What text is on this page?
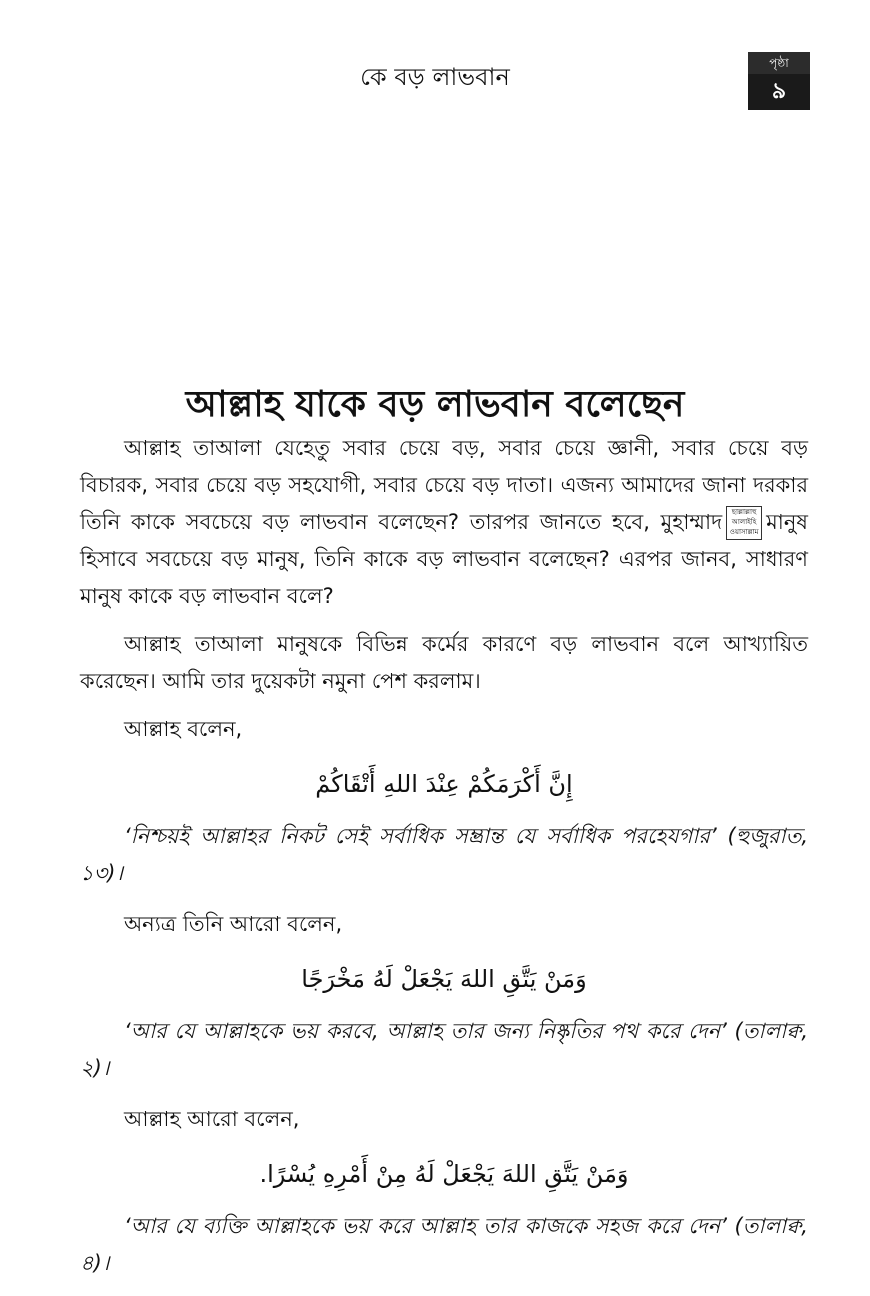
কে বড় লাভবান	পৃষ্ঠা
৯
আল্লাহ যাকে বড় লাভবান বলেছেন

আল্লাহ তাআলা যেহেতু সবার চেয়ে বড়, সবার চেয়ে জ্ঞানী, সবার চেয়ে বড় বিচারক, সবার চেয়ে বড় সহযোগী, সবার চেয়ে বড় দাতা। এজন্য আমাদের জানা দরকার তিনি কাকে সবচেয়ে বড় লাভবান বলেছেন? তারপর জানতে হবে, মুহাম্মাদ ছাল্লাল্লাহু আলাইহি ওয়াসাল্লাম মানুষ হিসাবে সবচেয়ে বড় মানুষ, তিনি কাকে বড় লাভবান বলেছেন? এরপর জানব, সাধারণ মানুষ কাকে বড় লাভবান বলে?

আল্লাহ তাআলা মানুষকে বিভিন্ন কর্মের কারণে বড় লাভবান বলে আখ্যায়িত করেছেন। আমি তার দুয়েকটা নমুনা পেশ করলাম।

আল্লাহ বলেন,

إِنَّ أَكْرَمَكُمْ عِنْدَ اللهِ أَتْقَاكُمْ

‘নিশ্চয়ই আল্লাহর নিকট সেই সর্বাধিক সম্ভ্রান্ত যে সর্বাধিক পরহেযগার’ (হুজুরাত, ১৩)।

অন্যত্র তিনি আরো বলেন,

وَمَنْ يَتَّقِ اللهَ يَجْعَلْ لَهُ مَخْرَجًا

‘আর যে আল্লাহকে ভয় করবে, আল্লাহ তার জন্য নিষ্কৃতির পথ করে দেন’ (তালাক্ব, ২)।

আল্লাহ আরো বলেন,

وَمَنْ يَتَّقِ اللهَ يَجْعَلْ لَهُ مِنْ أَمْرِهِ يُسْرًا.

‘আর যে ব্যক্তি আল্লাহকে ভয় করে আল্লাহ তার কাজকে সহজ করে দেন’ (তালাক্ব, ৪)।
